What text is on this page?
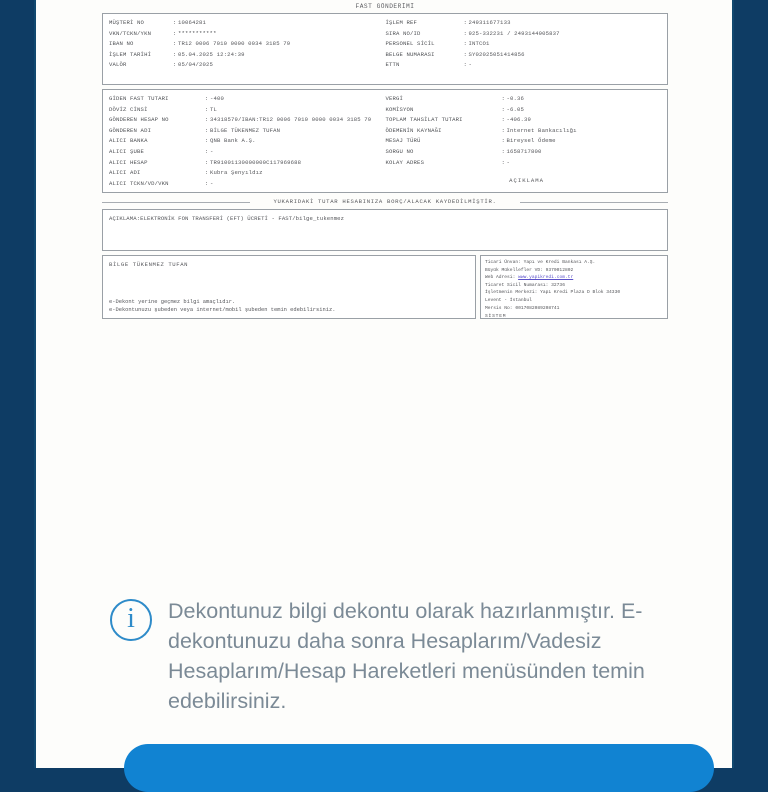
FAST GÖNDERİMİ
MÜŞTERİ NO	: 10064281
VKN/TCKN/YKN	: ***********
IBAN NO	: TR12 0006 7010 0000 0034 3185 79
İŞLEM TARİHİ	: 05.04.2025 12:24:39
VALÖR	: 05/04/2025
İŞLEM REF	: 249311677133
SIRA NO/ID	: 925-332231 / 2493144905837
PERSONEL SİCİL	: INTCO1
BELGE NUMARASI	: SY02025051414856
ETTN	: -
GİDEN FAST TUTARI	: -400
DÖVİZ CİNSİ	: TL
GÖNDEREN HESAP NO	: 34318579/IBAN:TR12 0006 7010 0000 0034 3185 79
GÖNDEREN ADI	: BİLGE TÜKENMEZ TUFAN
ALICI BANKA	: QNB Bank A.Ş.
ALICI ŞUBE	: -
ALICI HESAP	: TR91001130000000C117969688
ALICI ADI	: Kubra Şenyıldız
ALICI TCKN/VD/VKN	: -
VERGİ	: -0.36
KOMİSYON	: -6.05
TOPLAM TAHSİLAT TUTARI	: -406.39
ÖDEMENİN KAYNAĞI	: Internet Bankacılığı
MESAJ TÜRÜ	: Bireysel Ödeme
SORGU NO	: 1658717800
KOLAY ADRES	: -
AÇIKLAMA
YUKARIDAKİ TUTAR HESABINIZA BORÇ/ALACAK KAYDEDİLMİŞTİR.
AÇIKLAMA:ELEKTRONİK FON TRANSFERİ (EFT) ÜCRETİ - FAST/bilge_tukenmez
BİLGE TÜKENMEZ TUFAN
e-Dekont yerine geçmez bilgi amaçlıdır.
e-Dekontunuzu şubeden veya internet/mobil şubeden temin edebilirsiniz.
Ticari Ünvan: Yapı ve Kredi Bankası A.Ş.
Büyük Mükellefler VD: 9370012802
Web Adresi: www.yapikredi.com.tr
Ticaret Sicil Numarası: 32736
İşletmenin Merkezi: Yapı Kredi Plaza D Blok 34330
Levent - İstanbul
Mersis No: 0017082089208741
SİSTEM
i	Dekontunuz bilgi dekontu olarak hazırlanmıştır. E-dekontunuzu daha sonra Hesaplarım/Vadesiz Hesaplarım/Hesap Hareketleri menüsünden temin edebilirsiniz.
